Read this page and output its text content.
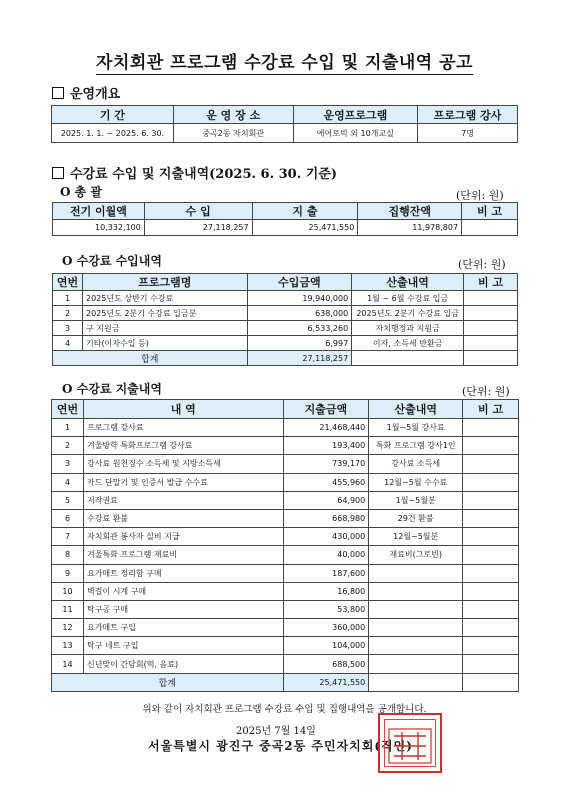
자치회관 프로그램 수강료 수입 및 지출내역 공고
운영개요
기 간	운 영 장 소	운영프로그램	프로그램 강사
2025. 1. 1. ~ 2025. 6. 30.	중곡2동 자치회관	에어로빅 외 10개교실	7명
수강료 수입 및 지출내역(2025. 6. 30. 기준)
O 총 괄	(단위: 원)
전기 이월액	수 입	지 출	집행잔액	비 고
10,332,100	27,118,257	25,471,550	11,978,807	
O 수강료 수입내역	(단위: 원)
연번	프로그램명	수입금액	산출내역	비 고
1	2025년도 상반기 수강료	19,940,000	1월 ~ 6월 수강료 입금	
2	2025년도 2분기 수강료 입금분	638,000	2025년도 2분기 수강료 입금	
3	구 지원금	6,533,260	자치행정과 지원금	
4	기타(이자수입 등)	6,997	이자, 소득세 반환금	
합계		27,118,257		
O 수강료 지출내역	(단위: 원)
연번	내 역	지출금액	산출내역	비 고
1	프로그램 강사료	21,468,440	1월~5월 강사료	
2	겨울방학 특화프로그램 강사료	193,400	특화 프로그램 강사1인	
3	강사료 원천징수 소득세 및 지방소득세	739,170	강사료 소득세	
4	카드 단말기 및 인증서 발급 수수료	455,960	12월~5월 수수료	
5	저작권료	64,900	1월~5월분	
6	수강료 환불	668,980	29건 환불	
7	자치회관 봉사자 실비 지급	430,000	12월~5월분	
8	겨울특화 프로그램 재료비	40,000	재료비(그로빈)	
9	요가매트 정리함 구매	187,600		
10	벽걸이 시계 구매	16,800		
11	탁구공 구매	53,800		
12	요가매트 구입	360,000		
13	탁구 네트 구입	104,000		
14	신년맞이 간담회(떡, 음료)	688,500		
합계		25,471,550		
위와 같이 자치회관 프로그램 수강료 수입 및 집행내역을 공개합니다.
2025년 7월 14일
서울특별시 광진구 중곡2동 주민자치회(직인)
